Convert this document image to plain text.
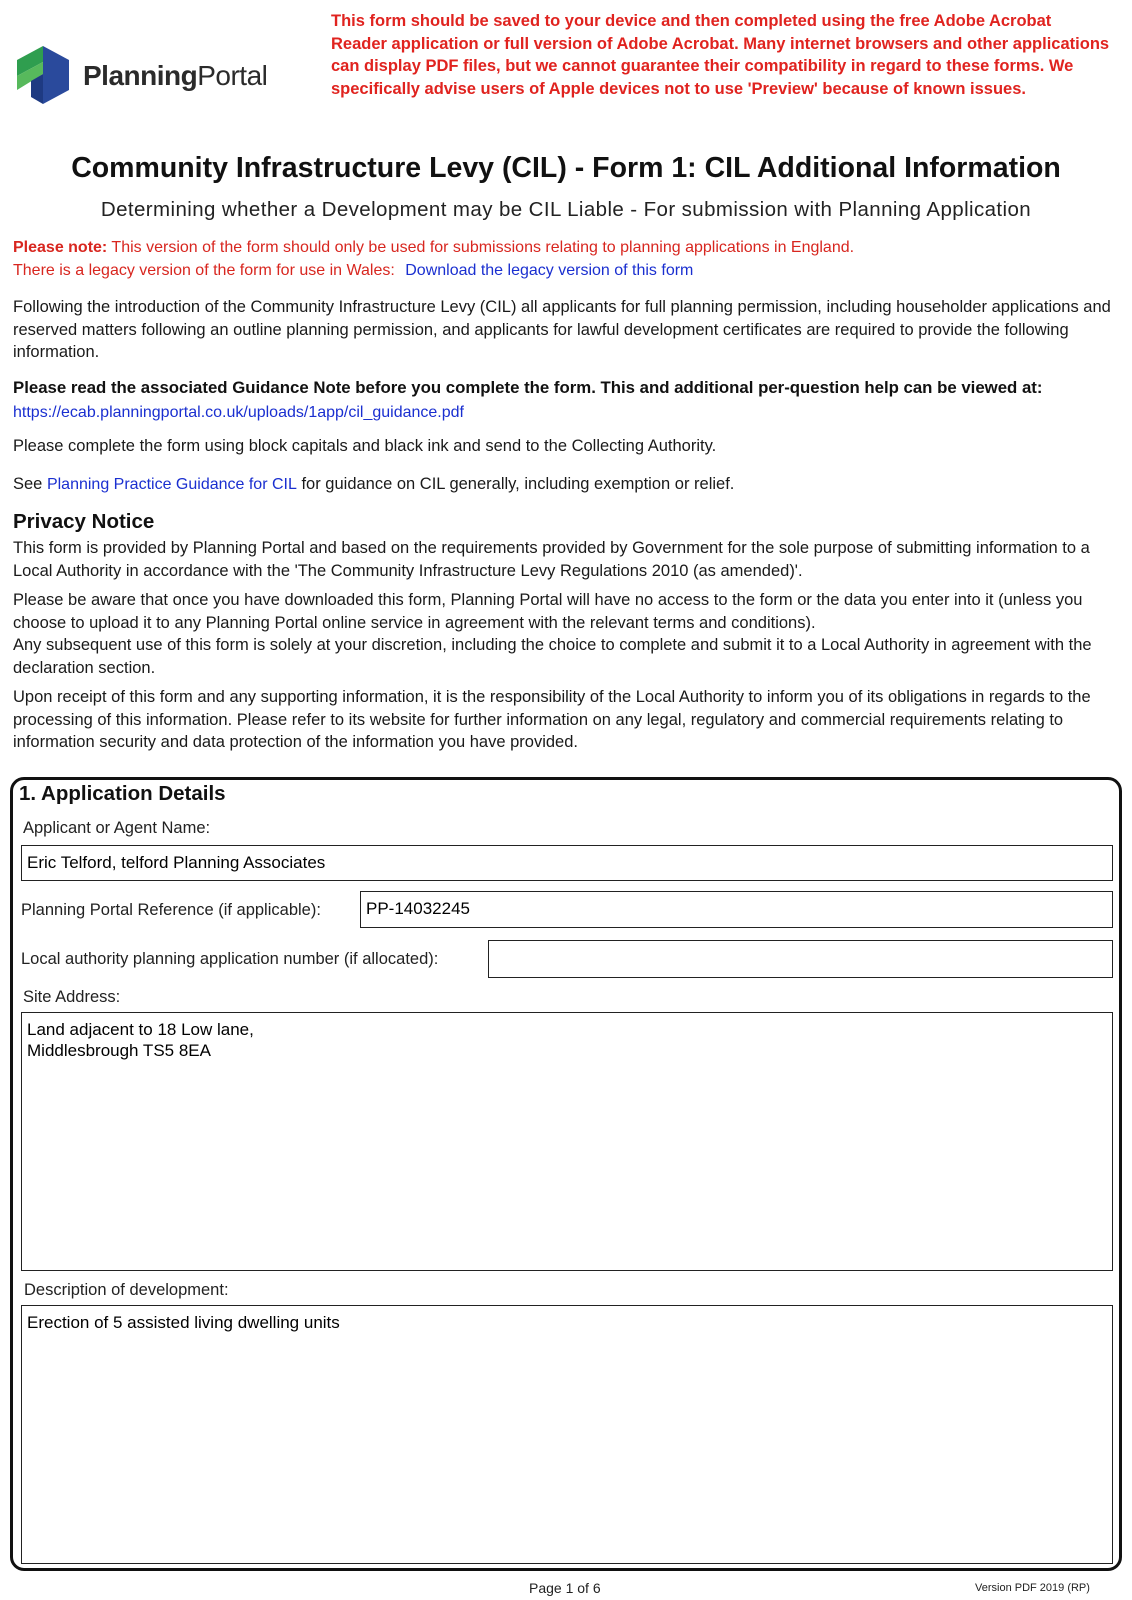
PlanningPortal
This form should be saved to your device and then completed using the free Adobe Acrobat Reader application or full version of Adobe Acrobat. Many internet browsers and other applications can display PDF files, but we cannot guarantee their compatibility in regard to these forms. We specifically advise users of Apple devices not to use 'Preview' because of known issues.
Community Infrastructure Levy (CIL) - Form 1: CIL Additional Information
Determining whether a Development may be CIL Liable - For submission with Planning Application
Please note: This version of the form should only be used for submissions relating to planning applications in England.
There is a legacy version of the form for use in Wales: Download the legacy version of this form
Following the introduction of the Community Infrastructure Levy (CIL) all applicants for full planning permission, including householder applications and reserved matters following an outline planning permission, and applicants for lawful development certificates are required to provide the following information.
Please read the associated Guidance Note before you complete the form. This and additional per-question help can be viewed at:
https://ecab.planningportal.co.uk/uploads/1app/cil_guidance.pdf
Please complete the form using block capitals and black ink and send to the Collecting Authority.
See Planning Practice Guidance for CIL for guidance on CIL generally, including exemption or relief.
Privacy Notice
This form is provided by Planning Portal and based on the requirements provided by Government for the sole purpose of submitting information to a Local Authority in accordance with the 'The Community Infrastructure Levy Regulations 2010 (as amended)'.
Please be aware that once you have downloaded this form, Planning Portal will have no access to the form or the data you enter into it (unless you choose to upload it to any Planning Portal online service in agreement with the relevant terms and conditions).
Any subsequent use of this form is solely at your discretion, including the choice to complete and submit it to a Local Authority in agreement with the declaration section.
Upon receipt of this form and any supporting information, it is the responsibility of the Local Authority to inform you of its obligations in regards to the processing of this information. Please refer to its website for further information on any legal, regulatory and commercial requirements relating to information security and data protection of the information you have provided.
1. Application Details
Applicant or Agent Name:
Eric Telford, telford Planning Associates
Planning Portal Reference (if applicable):	PP-14032245
Local authority planning application number (if allocated):
Site Address:
Land adjacent to 18 Low lane,
Middlesbrough TS5 8EA
Description of development:
Erection of 5 assisted living dwelling units
Page 1 of 6	Version PDF 2019 (RP)
